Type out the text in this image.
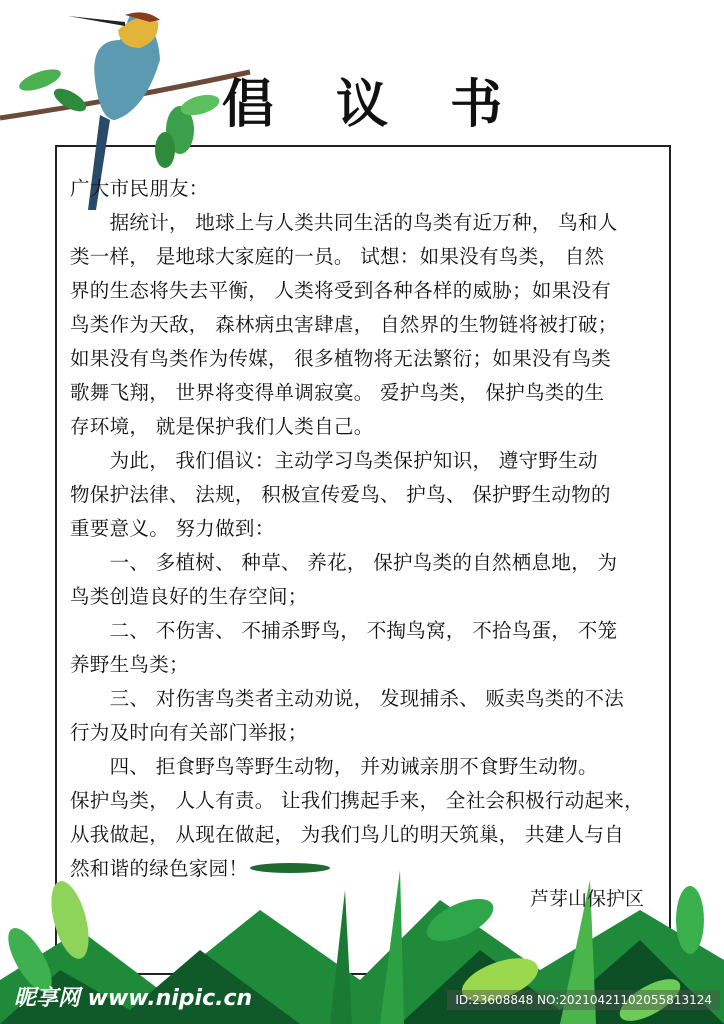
倡 议 书
广大市民朋友：
　　据统计， 地球上与人类共同生活的鸟类有近万种， 鸟和人
类一样， 是地球大家庭的一员。 试想：如果没有鸟类， 自然
界的生态将失去平衡， 人类将受到各种各样的威胁；如果没有
鸟类作为天敌， 森林病虫害肆虐， 自然界的生物链将被打破；
如果没有鸟类作为传媒， 很多植物将无法繁衍；如果没有鸟类
歌舞飞翔， 世界将变得单调寂寞。 爱护鸟类， 保护鸟类的生
存环境， 就是保护我们人类自己。
　　为此， 我们倡议：主动学习鸟类保护知识， 遵守野生动
物保护法律、 法规， 积极宣传爱鸟、 护鸟、 保护野生动物的
重要意义。 努力做到：
　　一、 多植树、 种草、 养花， 保护鸟类的自然栖息地， 为
鸟类创造良好的生存空间；
　　二、 不伤害、 不捕杀野鸟， 不掏鸟窝， 不拾鸟蛋， 不笼
养野生鸟类；
　　三、 对伤害鸟类者主动劝说， 发现捕杀、 贩卖鸟类的不法
行为及时向有关部门举报；
　　四、 拒食野鸟等野生动物， 并劝诫亲朋不食野生动物。
保护鸟类， 人人有责。 让我们携起手来， 全社会积极行动起来，
从我做起， 从现在做起， 为我们鸟儿的明天筑巢， 共建人与自
然和谐的绿色家园！
芦芽山保护区
昵享网 www.nipic.cn	ID:23608848 NO:20210421102055813124
